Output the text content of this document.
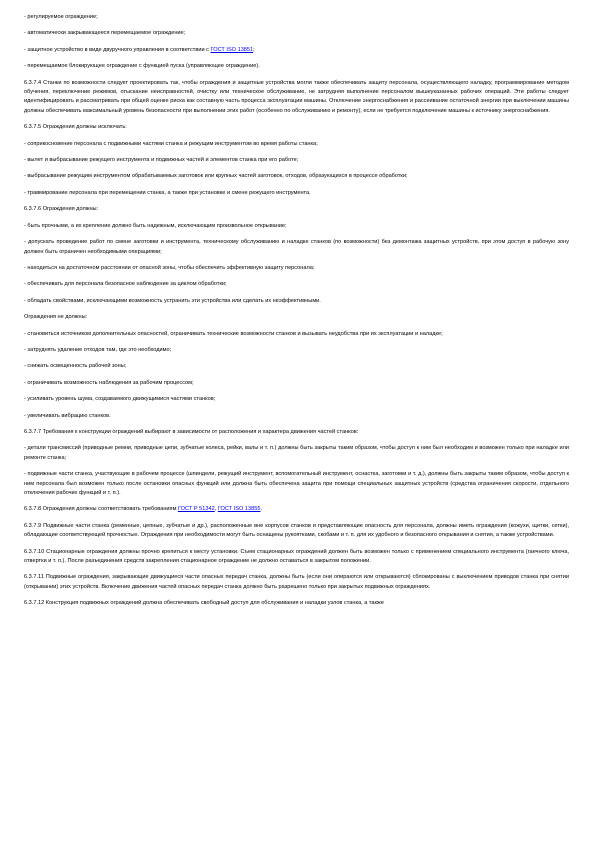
- регулируемое ограждение;

- автоматически закрывающееся перемещаемое ограждение;

- защитное устройство в виде двуручного управления в соответствии с ГОСТ ISO 13851;

- перемещаемое блокирующее ограждение с функцией пуска (управляющее ограждение).

6.3.7.4 Станки по возможности следует проектировать так, чтобы ограждения и защитные устройства могли также обеспечивать защиту персонала, осуществляющего наладку, программирование методом обучения, переключение режимов, отыскание неисправностей, очистку или техническое обслуживание, не затрудняя выполнение персоналом вышеуказанных рабочих операций. Эти работы следует идентифицировать и рассматривать при общей оценке риска как составную часть процесса эксплуатации машины. Отключение энергоснабжения и рассеивание остаточной энергии при выключении машины должны обеспечивать максимальный уровень безопасности при выполнении этих работ (особенно по обслуживанию и ремонту), если не требуется подключение машины к источнику энергоснабжения.

6.3.7.5 Ограждения должны исключать:

- соприкосновение персонала с подвижными частями станка и режущим инструментом во время работы станка;

- вылет и выбрасывание режущего инструмента и подвижных частей и элементов станка при его работе;

- выбрасывание режущим инструментом обрабатываемых заготовок или крупных частей заготовок, отходов, образующихся в процессе обработки;

- травмирование персонала при перемещении станка, а также при установке и смене режущего инструмента.

6.3.7.6 Ограждения должны:

- быть прочными, а их крепление должно быть надежным, исключающим произвольное открывание;

- допускать проведение работ по смене заготовки и инструмента, техническому обслуживанию и наладке станков (по возможности) без демонтажа защитных устройств, при этом доступ в рабочую зону должен быть ограничен необходимыми операциями;

- находиться на достаточном расстоянии от опасной зоны, чтобы обеспечить эффективную защиту персонала;

- обеспечивать для персонала безопасное наблюдение за циклом обработки;

- обладать свойствами, исключающими возможность устранить эти устройства или сделать их неэффективными.

Ограждения не должны:

- становиться источником дополнительных опасностей, ограничивать технические возможности станков и вызывать неудобства при их эксплуатации и наладке;

- затруднять удаление отходов там, где это необходимо;

- снижать освещенность рабочей зоны;

- ограничивать возможность наблюдения за рабочим процессом;

- усиливать уровень шума, создаваемого движущимися частями станков;

- увеличивать вибрацию станков.

6.3.7.7 Требования к конструкции ограждений выбирают в зависимости от расположения и характера движения частей станков:

- детали трансмиссий (приводные ремни, приводные цепи, зубчатые колеса, рейки, валы и т. п.) должны быть закрыты таким образом, чтобы доступ к ним был необходим и возможен только при наладке или ремонте станка;

- подвижные части станка, участвующие в рабочем процессе (шпиндели, режущий инструмент, вспомогательный инструмент, оснастка, заготовки и т. д.), должны быть закрыты таким образом, чтобы доступ к ним персонала был возможен только после остановки опасных функций или должна быть обеспечена защита при помощи специальных защитных устройств (средства ограничения скорости, отдельного отключения рабочих функций и т. п.).

6.3.7.8 Ограждения должны соответствовать требованиям ГОСТ Р 51342, ГОСТ ISO 13855.

6.3.7.9 Подвижные части станка (ременные, цепные, зубчатые и др.), расположенные вне корпусов станков и представляющие опасность для персонала, должны иметь ограждения (кожухи, щитки, сетки), обладающие соответствующей прочностью. Ограждения при необходимости могут быть оснащены рукоятками, скобами и т. п. для их удобного и безопасного открывания и снятия, а также устройствами.

6.3.7.10 Стационарные ограждения должны прочно крепиться к месту установки. Съем стационарных ограждений должен быть возможен только с применением специального инструмента (гаечного ключа, отвертки и т. п.). После разъединения средств закрепления стационарное ограждение не должно оставаться в закрытом положении.

6.3.7.11 Подвижные ограждения, закрывающие движущиеся части опасных передач станка, должны быть (если они опираются или открываются) сблокированы с выключением приводов станка при снятии (открывании) этих устройств. Включение движения частей опасных передач станка должно быть разрешено только при закрытых подвижных ограждениях.

6.3.7.12 Конструкция подвижных ограждений должна обеспечивать свободный доступ для обслуживания и наладки узлов станка, а также
